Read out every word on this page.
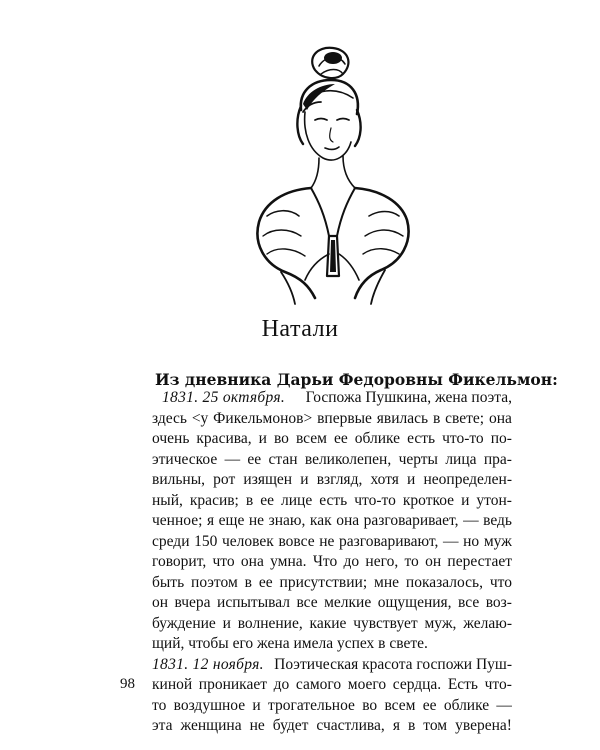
Натали
Из дневника Дарьи Федоровны Фикельмон:
1831. 25 октября. Госпожа Пушкина, жена поэта,
здесь <у Фикельмонов> впервые явилась в свете; она
очень красива, и во всем ее облике есть что-то по-
этическое — ее стан великолепен, черты лица пра-
вильны, рот изящен и взгляд, хотя и неопределен-
ный, красив; в ее лице есть что-то кроткое и утон-
ченное; я еще не знаю, как она разговаривает, — ведь
среди 150 человек вовсе не разговаривают, — но муж
говорит, что она умна. Что до него, то он перестает
быть поэтом в ее присутствии; мне показалось, что
он вчера испытывал все мелкие ощущения, все воз-
буждение и волнение, какие чувствует муж, желаю-
щий, чтобы его жена имела успех в свете.
1831. 12 ноября. Поэтическая красота госпожи Пуш-
киной проникает до самого моего сердца. Есть что-
то воздушное и трогательное во всем ее облике —
эта женщина не будет счастлива, я в том уверена!
98
